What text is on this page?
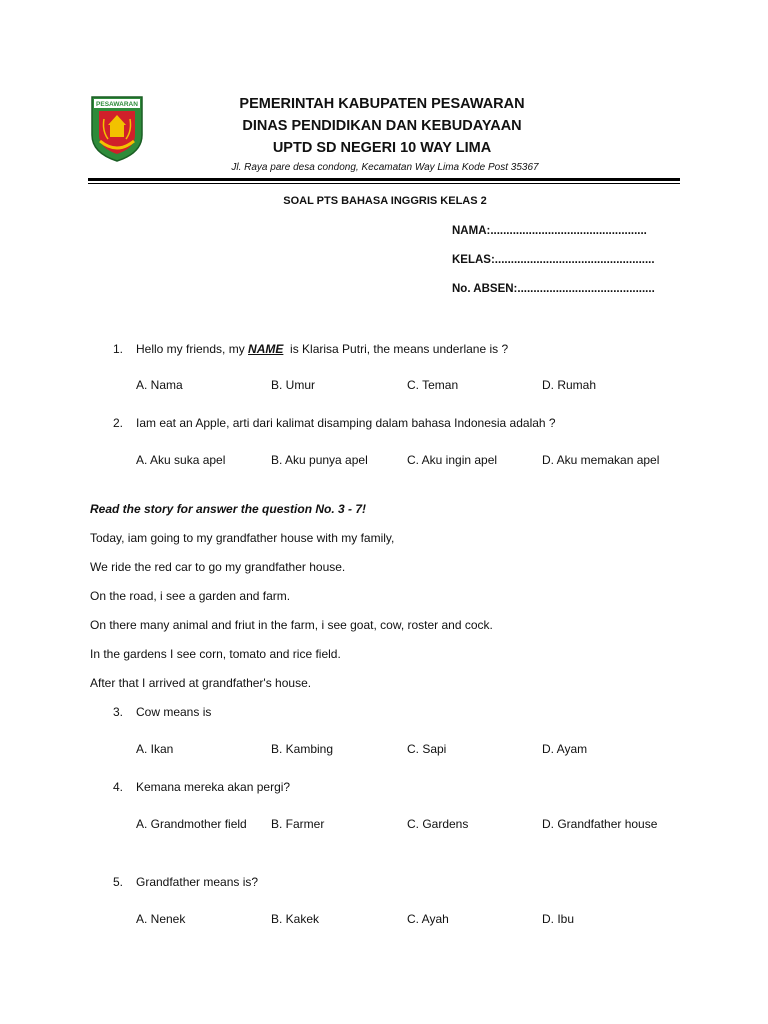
PESAWARAN	PEMERINTAH KABUPATEN PESAWARAN
DINAS PENDIDIKAN DAN KEBUDAYAAN
UPTD SD NEGERI 10 WAY LIMA
Jl. Raya pare desa condong, Kecamatan Way Lima Kode Post 35367
SOAL PTS BAHASA INGGRIS KELAS 2
NAMA:.................................................
KELAS:..................................................
No. ABSEN:...........................................
1. Hello my friends, my NAME  is Klarisa Putri, the means underlane is ?
A. Nama	B. Umur	C. Teman	D. Rumah
2. Iam eat an Apple, arti dari kalimat disamping dalam bahasa Indonesia adalah ?
A. Aku suka apel	B. Aku punya apel	C. Aku ingin apel	D. Aku memakan apel
Read the story for answer the question No. 3 - 7!
Today, iam going to my grandfather house with my family,
We ride the red car to go my grandfather house.
On the road, i see a garden and farm.
On there many animal and friut in the farm, i see goat, cow, roster and cock.
In the gardens I see corn, tomato and rice field.
After that I arrived at grandfather's house.
3. Cow means is
A. Ikan	B. Kambing	C. Sapi	D. Ayam
4. Kemana mereka akan pergi?
A. Grandmother field B. Farmer	C. Gardens	D. Grandfather house
5. Grandfather means is?
A. Nenek	B. Kakek	C. Ayah	D. Ibu
